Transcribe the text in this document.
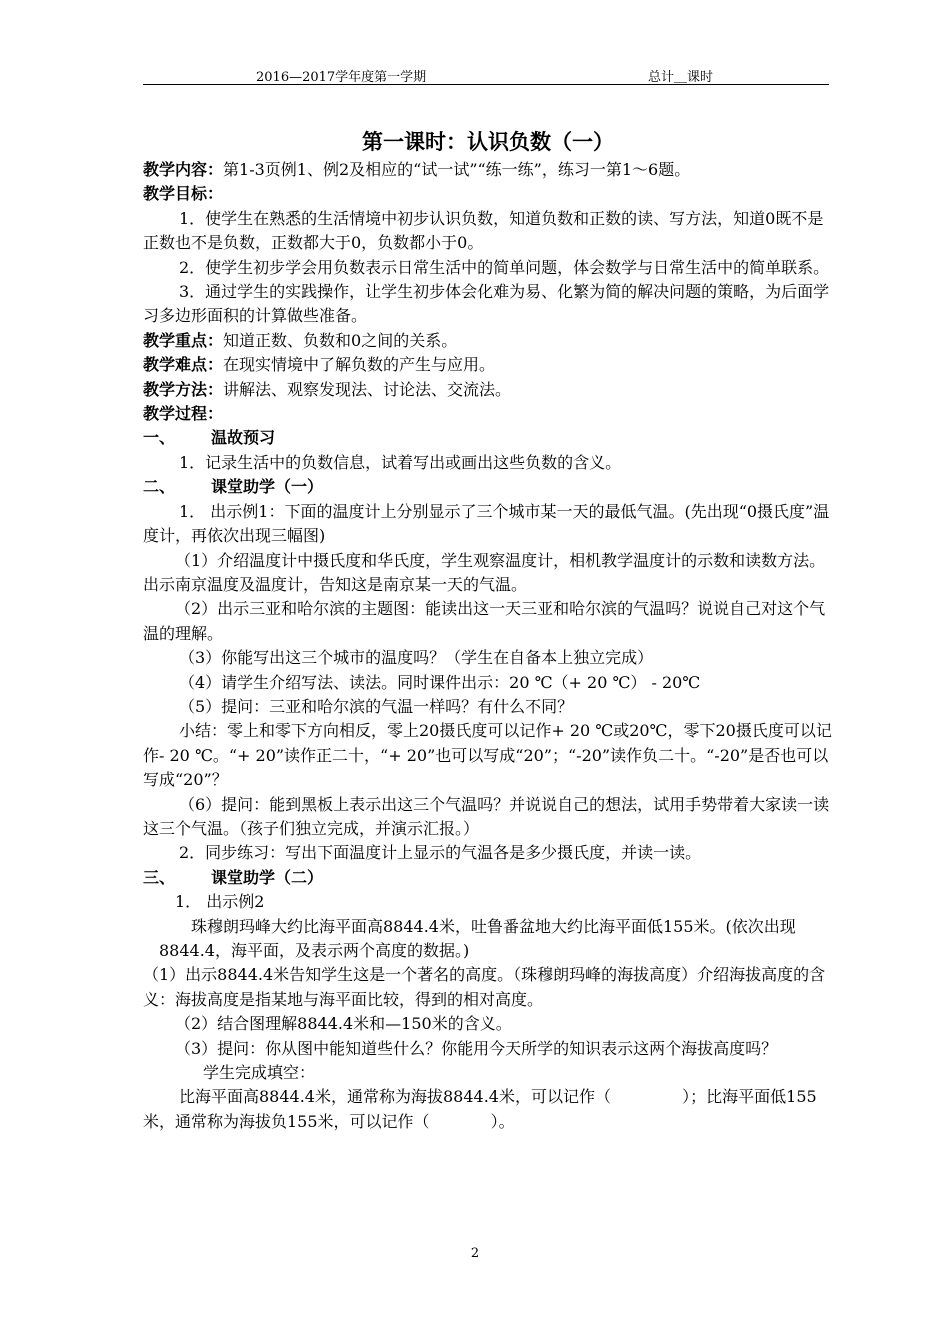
2016—2017学年度第一学期	总计＿课时
第一课时：认识负数（一）

教学内容：第1-3页例1、例2及相应的“试一试”“练一练”，练习一第1～6题。

教学目标：

1．使学生在熟悉的生活情境中初步认识负数，知道负数和正数的读、写方法，知道0既不是正数也不是负数，正数都大于0，负数都小于0。

2．使学生初步学会用负数表示日常生活中的简单问题，体会数学与日常生活中的简单联系。

3．通过学生的实践操作，让学生初步体会化难为易、化繁为简的解决问题的策略，为后面学习多边形面积的计算做些准备。

教学重点：知道正数、负数和0之间的关系。

教学难点：在现实情境中了解负数的产生与应用。

教学方法：讲解法、观察发现法、讨论法、交流法。

教学过程：

一、 温故预习

1．记录生活中的负数信息，试着写出或画出这些负数的含义。

二、 课堂助学（一）

1． 出示例1：下面的温度计上分别显示了三个城市某一天的最低气温。(先出现“0摄氏度”温度计，再依次出现三幅图)

（1）介绍温度计中摄氏度和华氏度，学生观察温度计，相机教学温度计的示数和读数方法。出示南京温度及温度计，告知这是南京某一天的气温。

（2）出示三亚和哈尔滨的主题图：能读出这一天三亚和哈尔滨的气温吗？说说自己对这个气温的理解。

（3）你能写出这三个城市的温度吗？（学生在自备本上独立完成）

（4）请学生介绍写法、读法。同时课件出示：20 ℃（+ 20 ℃） - 20℃

（5）提问：三亚和哈尔滨的气温一样吗？有什么不同？

小结：零上和零下方向相反，零上20摄氏度可以记作+ 20 ℃或20℃，零下20摄氏度可以记作- 20 ℃。“+ 20”读作正二十，“+ 20”也可以写成“20”；“-20”读作负二十。“-20”是否也可以写成“20”？

（6）提问：能到黑板上表示出这三个气温吗？并说说自己的想法，试用手势带着大家读一读这三个气温。（孩子们独立完成，并演示汇报。）

2．同步练习：写出下面温度计上显示的气温各是多少摄氏度，并读一读。

三、 课堂助学（二）

1． 出示例2

珠穆朗玛峰大约比海平面高8844.4米，吐鲁番盆地大约比海平面低155米。(依次出现8844.4，海平面，及表示两个高度的数据。)

（1）出示8844.4米告知学生这是一个著名的高度。（珠穆朗玛峰的海拔高度）介绍海拔高度的含义：海拔高度是指某地与海平面比较，得到的相对高度。

（2）结合图理解8844.4米和—150米的含义。

（3）提问：你从图中能知道些什么？你能用今天所学的知识表示这两个海拔高度吗？

学生完成填空：

比海平面高8844.4米，通常称为海拔8844.4米，可以记作（              ）；比海平面低155米，通常称为海拔负155米，可以记作（            ）。

2
